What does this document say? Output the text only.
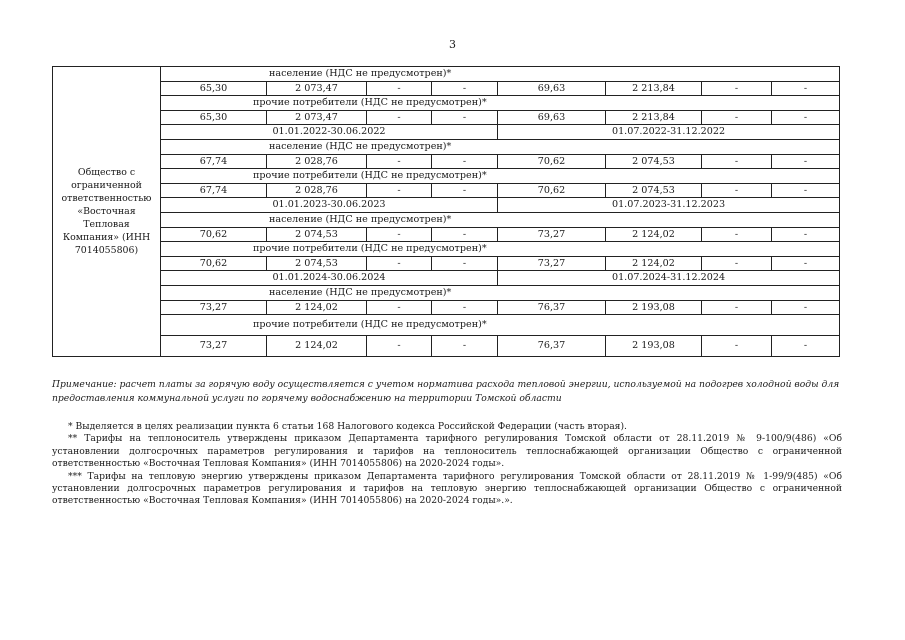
3
Общество с ограниченной ответственностью «Восточная Тепловая Компания» (ИНН 7014055806)	население (НДС не предусмотрен)*							
	65,30	2 073,47	-	-	69,63	2 213,84	-	-
	прочие потребители (НДС не предусмотрен)*							
	65,30	2 073,47	-	-	69,63	2 213,84	-	-
	01.01.2022-30.06.2022				01.07.2022-31.12.2022			
	население (НДС не предусмотрен)*							
	67,74	2 028,76	-	-	70,62	2 074,53	-	-
	прочие потребители (НДС не предусмотрен)*							
	67,74	2 028,76	-	-	70,62	2 074,53	-	-
	01.01.2023-30.06.2023				01.07.2023-31.12.2023			
	население (НДС не предусмотрен)*							
	70,62	2 074,53	-	-	73,27	2 124,02	-	-
	прочие потребители (НДС не предусмотрен)*							
	70,62	2 074,53	-	-	73,27	2 124,02	-	-
	01.01.2024-30.06.2024				01.07.2024-31.12.2024			
	население (НДС не предусмотрен)*							
	73,27	2 124,02	-	-	76,37	2 193,08	-	-
	прочие потребители (НДС не предусмотрен)*							
	73,27	2 124,02	-	-	76,37	2 193,08	-	-
Примечание: расчет платы за горячую воду осуществляется с учетом норматива расхода тепловой энергии, используемой на подогрев холодной воды для предоставления коммунальной услуги по горячему водоснабжению на территории Томской области

* Выделяется в целях реализации пункта 6 статьи 168 Налогового кодекса Российской Федерации (часть вторая).

** Тарифы на теплоноситель утверждены приказом Департамента тарифного регулирования Томской области от 28.11.2019 № 9-100/9(486) «Об установлении долгосрочных параметров регулирования и тарифов на теплоноситель теплоснабжающей организации Общество с ограниченной ответственностью «Восточная Тепловая Компания» (ИНН 7014055806) на 2020-2024 годы».

*** Тарифы на тепловую энергию утверждены приказом Департамента тарифного регулирования Томской области от 28.11.2019 № 1-99/9(485) «Об установлении долгосрочных параметров регулирования и тарифов на тепловую энергию теплоснабжающей организации Общество с ограниченной ответственностью «Восточная Тепловая Компания» (ИНН 7014055806) на 2020-2024 годы».».
